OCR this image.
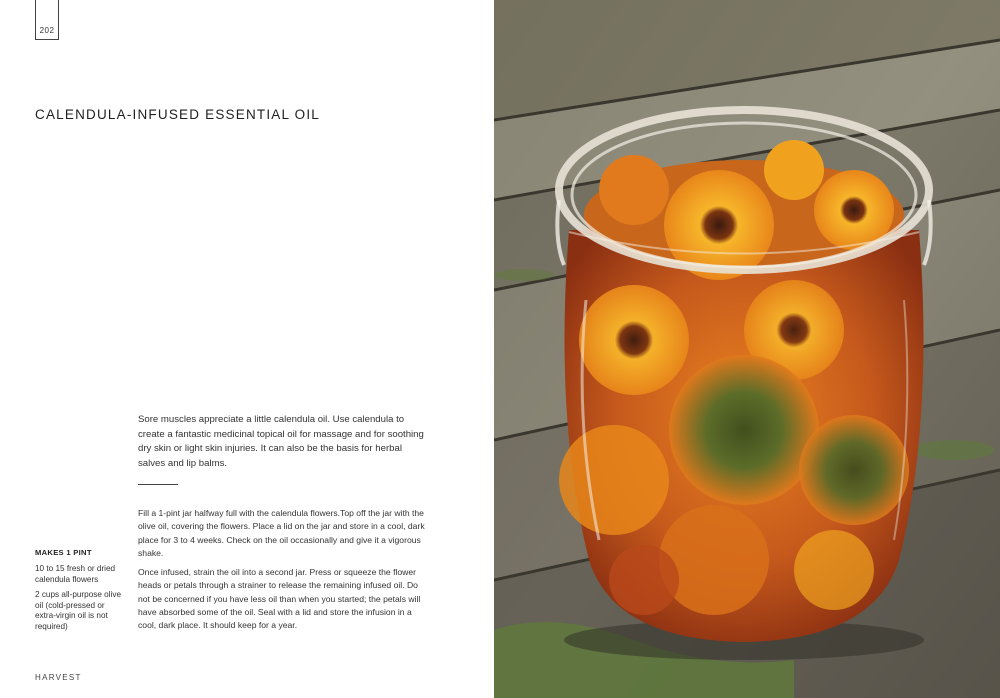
202
CALENDULA-INFUSED ESSENTIAL OIL
Sore muscles appreciate a little calendula oil. Use calendula to create a fantastic medicinal topical oil for massage and for soothing dry skin or light skin injuries. It can also be the basis for herbal salves and lip balms.

Fill a 1-pint jar halfway full with the calendula flowers.Top off the jar with the olive oil, covering the flowers. Place a lid on the jar and store in a cool, dark place for 3 to 4 weeks. Check on the oil occasionally and give it a vigorous shake.

Once infused, strain the oil into a second jar. Press or squeeze the flower heads or petals through a strainer to release the remaining infused oil. Do not be concerned if you have less oil than when you started; the petals will have absorbed some of the oil. Seal with a lid and store the infusion in a cool, dark place. It should keep for a year.

MAKES 1 PINT
10 to 15 fresh or dried calendula flowers
2 cups all-purpose olive oil (cold-pressed or extra-virgin oil is not required)
HARVEST
